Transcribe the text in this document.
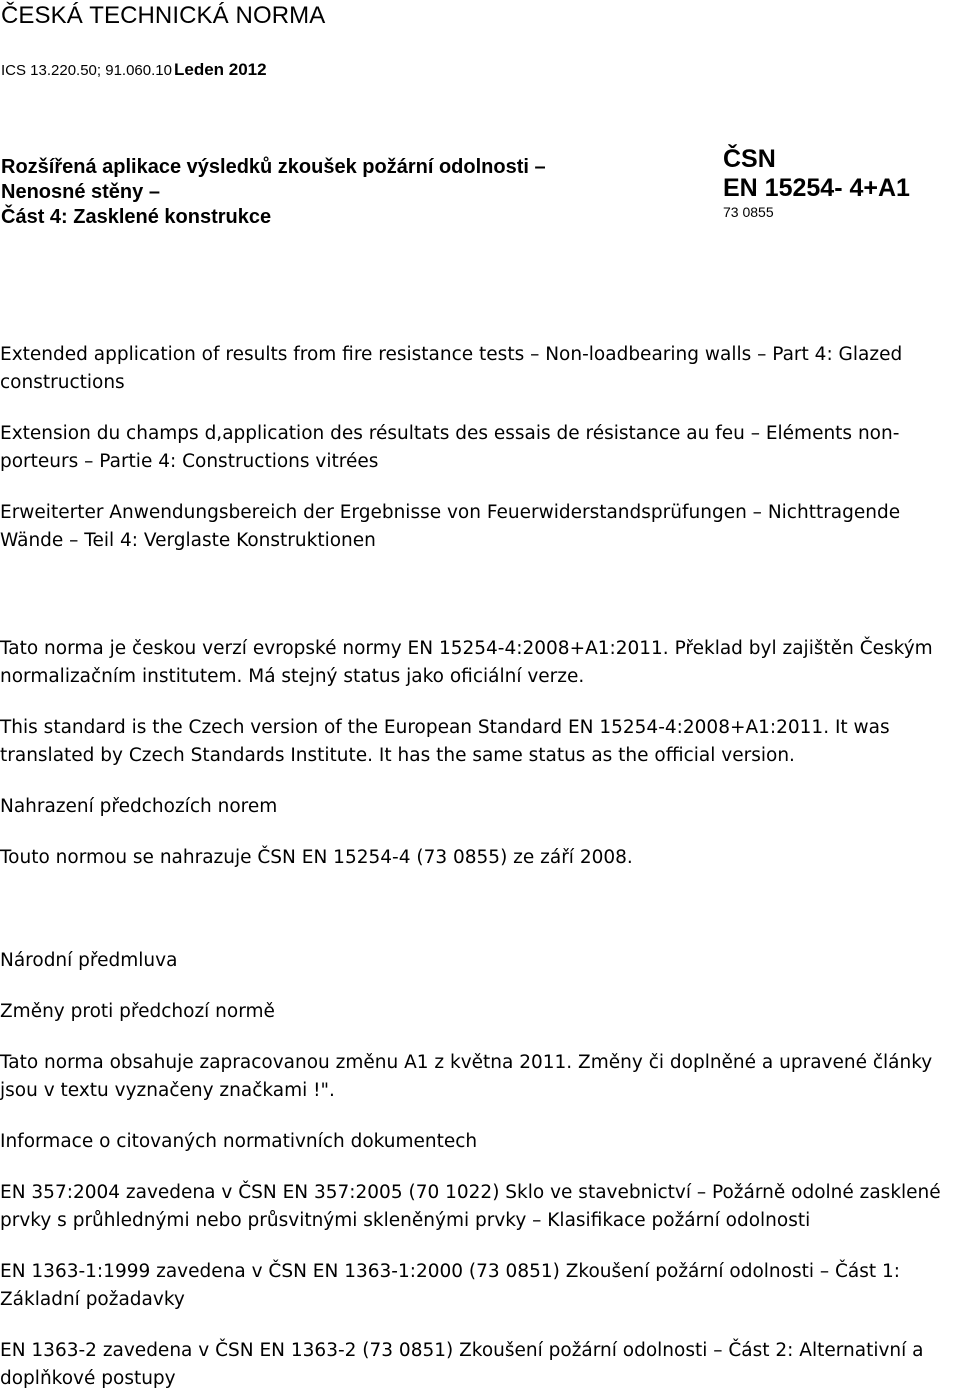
ČESKÁ TECHNICKÁ NORMA
ICS 13.220.50; 91.060.10 Leden 2012
Rozšířená aplikace výsledků zkoušek požární odolnosti –
Nenosné stěny –
Část 4: Zasklené konstrukce
ČSN
EN 15254- 4+A1
73 0855

Extended application of results from fire resistance tests – Non-loadbearing walls – Part 4: Glazed constructions

Extension du champs d,application des résultats des essais de résistance au feu – Eléments non-porteurs – Partie 4: Constructions vitrées

Erweiterter Anwendungsbereich der Ergebnisse von Feuerwiderstandsprüfungen – Nichttragende Wände – Teil 4: Verglaste Konstruktionen

Tato norma je českou verzí evropské normy EN 15254-4:2008+A1:2011. Překlad byl zajištěn Českým normalizačním institutem. Má stejný status jako oficiální verze.

This standard is the Czech version of the European Standard EN 15254-4:2008+A1:2011. It was translated by Czech Standards Institute. It has the same status as the official version.

Nahrazení předchozích norem

Touto normou se nahrazuje ČSN EN 15254-4 (73 0855) ze září 2008.

Národní předmluva

Změny proti předchozí normě

Tato norma obsahuje zapracovanou změnu A1 z května 2011. Změny či doplněné a upravené články jsou v textu vyznačeny značkami !".

Informace o citovaných normativních dokumentech

EN 357:2004 zavedena v ČSN EN 357:2005 (70 1022) Sklo ve stavebnictví – Požárně odolné zasklené prvky s průhlednými nebo průsvitnými skleněnými prvky – Klasifikace požární odolnosti

EN 1363-1:1999 zavedena v ČSN EN 1363-1:2000 (73 0851) Zkoušení požární odolnosti – Část 1: Základní požadavky

EN 1363-2 zavedena v ČSN EN 1363-2 (73 0851) Zkoušení požární odolnosti – Část 2: Alternativní a doplňkové postupy
